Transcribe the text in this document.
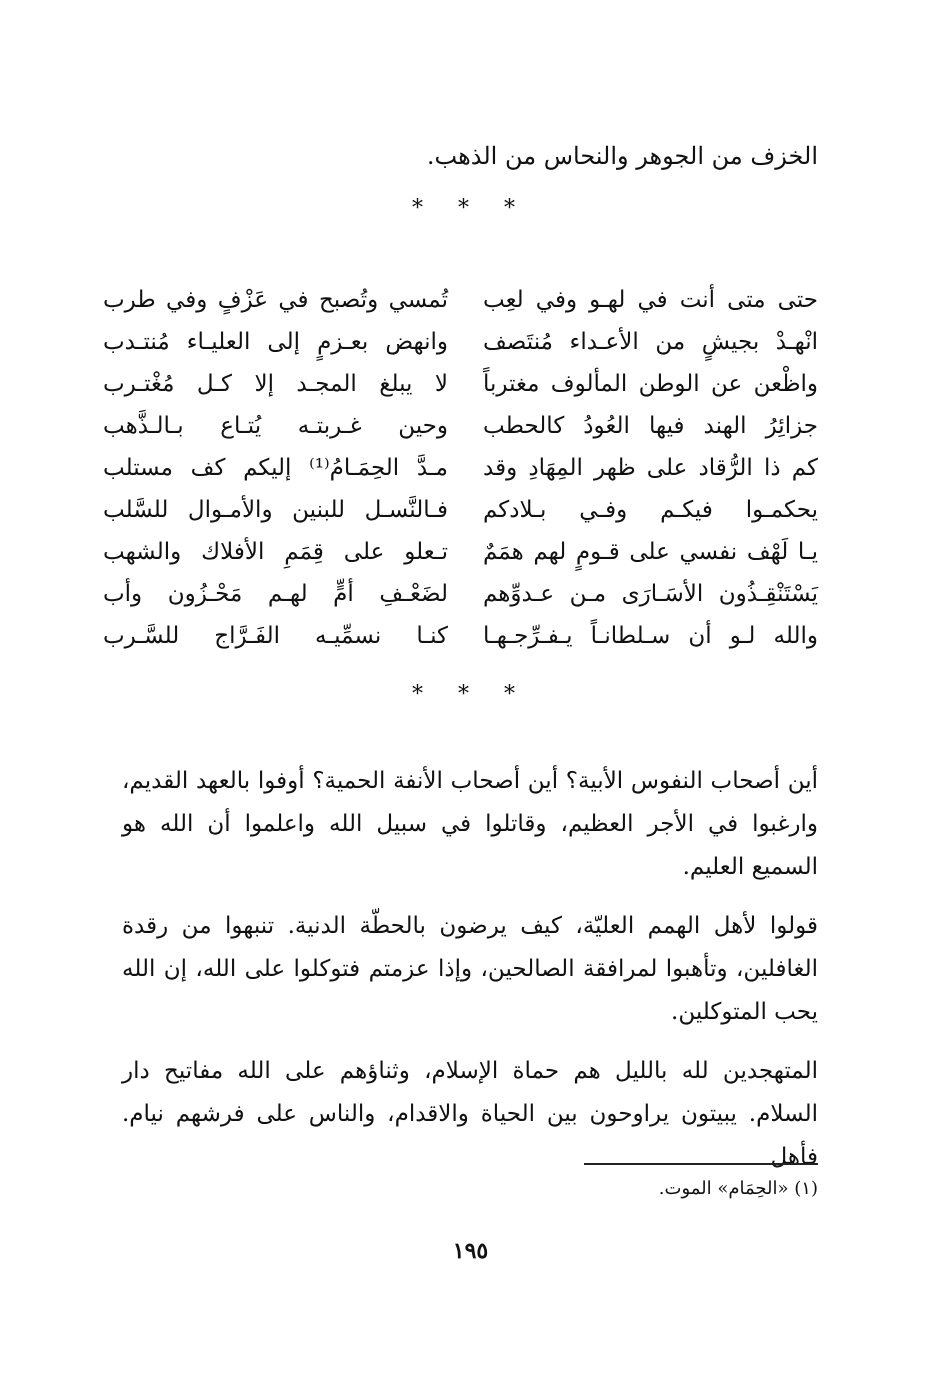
الخزف من الجوهر والنحاس من الذهب.
* * *
حتى متى أنت في لهـو وفي لعِب
تُمسي وتُصبح في عَزْفٍ وفي طرب
انْهـدْ بجيشٍ من الأعـداء مُنتَصف
وانهض بعـزمٍ إلى العليـاء مُنتـدب
واظْعن عن الوطن المألوف مغترباً
لا يبلغ المجـد إلا كـل مُغْتـرب
جزائِرُ الهند فيها العُودُ كالحطب
وحين غـربتـه يُتـاع بـالـذَّهب
كم ذا الرُّقاد على ظهر المِهَادِ وقد
مـدَّ الحِمَـامُ⁽¹⁾ إليكم كف مستلب
يحكمـوا فيكـم وفـي بـلادكم
فـالنَّسـل للبنين والأمـوال للسَّلب
يـا لَهْف نفسي على قـومٍ لهم همَمٌ
تـعلو على قِمَمِ الأفلاك والشهب
يَسْتَنْقِـذُون الأسَـارَى مـن عـدوِّهم
لضَعْـفِ أمٍّ لهـم مَحْـزُون وأب
والله لـو أن سـلطانـاً يـفـرِّجـهـا
كنـا نسمِّيـه الفَـرَّاج للسَّـرب
* * *

أين أصحاب النفوس الأبية؟ أين أصحاب الأنفة الحمية؟ أوفوا بالعهد القديم، وارغبوا في الأجر العظيم، وقاتلوا في سبيل الله واعلموا أن الله هو السميع العليم.

قولوا لأهل الهمم العليّة، كيف يرضون بالحطّة الدنية. تنبهوا من رقدة الغافلين، وتأهبوا لمرافقة الصالحين، وإذا عزمتم فتوكلوا على الله، إن الله يحب المتوكلين.

المتهجدين لله بالليل هم حماة الإسلام، وثناؤهم على الله مفاتيح دار السلام. يبيتون يراوحون بين الحياة والاقدام، والناس على فرشهم نيام. فأهل

(١) «الحِمَام» الموت.
١٩٥
